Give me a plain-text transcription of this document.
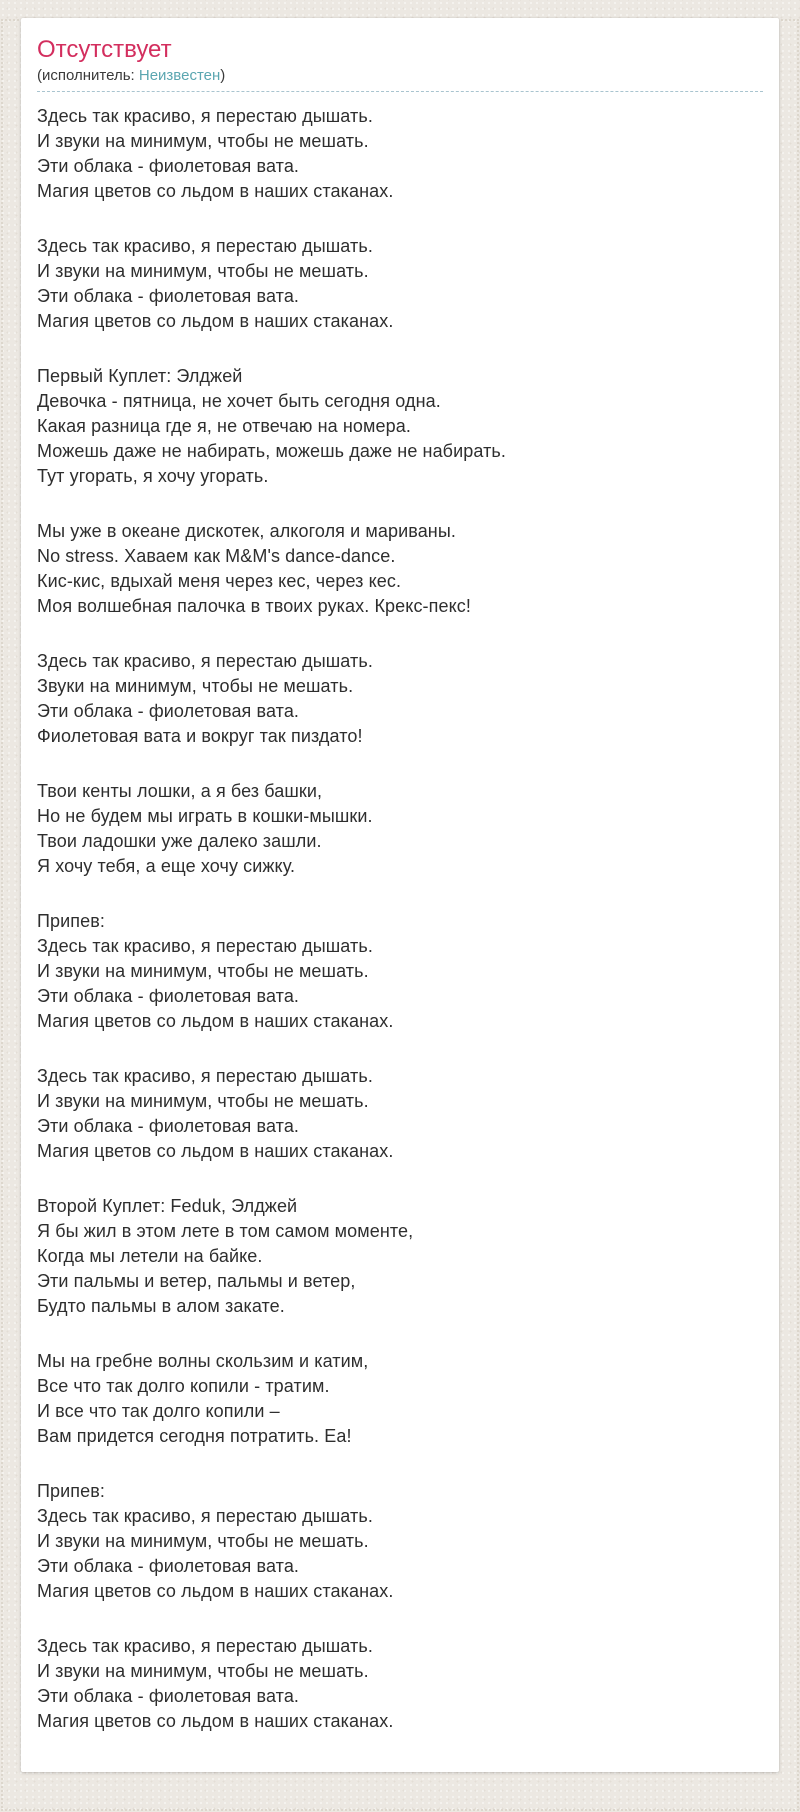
Отсутствует
(исполнитель: Неизвестен)

Здесь так красиво, я перестаю дышать.
И звуки на минимум, чтобы не мешать.
Эти облака - фиолетовая вата.
Магия цветов со льдом в наших стаканах.

Здесь так красиво, я перестаю дышать.
И звуки на минимум, чтобы не мешать.
Эти облака - фиолетовая вата.
Магия цветов со льдом в наших стаканах.

Первый Куплет: Элджей
Девочка - пятница, не хочет быть сегодня одна.
Какая разница где я, не отвечаю на номера.
Можешь даже не набирать, можешь даже не набирать.
Тут угорать, я хочу угорать.

Мы уже в океане дискотек, алкоголя и мариваны.
No stress. Хаваем как M&M's dance-dance.
Кис-кис, вдыхай меня через кес, через кес.
Моя волшебная палочка в твоих руках. Крекс-пекс!

Здесь так красиво, я перестаю дышать.
Звуки на минимум, чтобы не мешать.
Эти облака - фиолетовая вата.
Фиолетовая вата и вокруг так пиздато!

Твои кенты лошки, а я без башки,
Но не будем мы играть в кошки-мышки.
Твои ладошки уже далеко зашли.
Я хочу тебя, а еще хочу сижку.

Припев:
Здесь так красиво, я перестаю дышать.
И звуки на минимум, чтобы не мешать.
Эти облака - фиолетовая вата.
Магия цветов со льдом в наших стаканах.

Здесь так красиво, я перестаю дышать.
И звуки на минимум, чтобы не мешать.
Эти облака - фиолетовая вата.
Магия цветов со льдом в наших стаканах.

Второй Куплет: Feduk, Элджей
Я бы жил в этом лете в том самом моменте,
Когда мы летели на байке.
Эти пальмы и ветер, пальмы и ветер,
Будто пальмы в алом закате.

Мы на гребне волны скользим и катим,
Все что так долго копили - тратим.
И все что так долго копили –
Вам придется сегодня потратить. Еа!

Припев:
Здесь так красиво, я перестаю дышать.
И звуки на минимум, чтобы не мешать.
Эти облака - фиолетовая вата.
Магия цветов со льдом в наших стаканах.

Здесь так красиво, я перестаю дышать.
И звуки на минимум, чтобы не мешать.
Эти облака - фиолетовая вата.
Магия цветов со льдом в наших стаканах.
